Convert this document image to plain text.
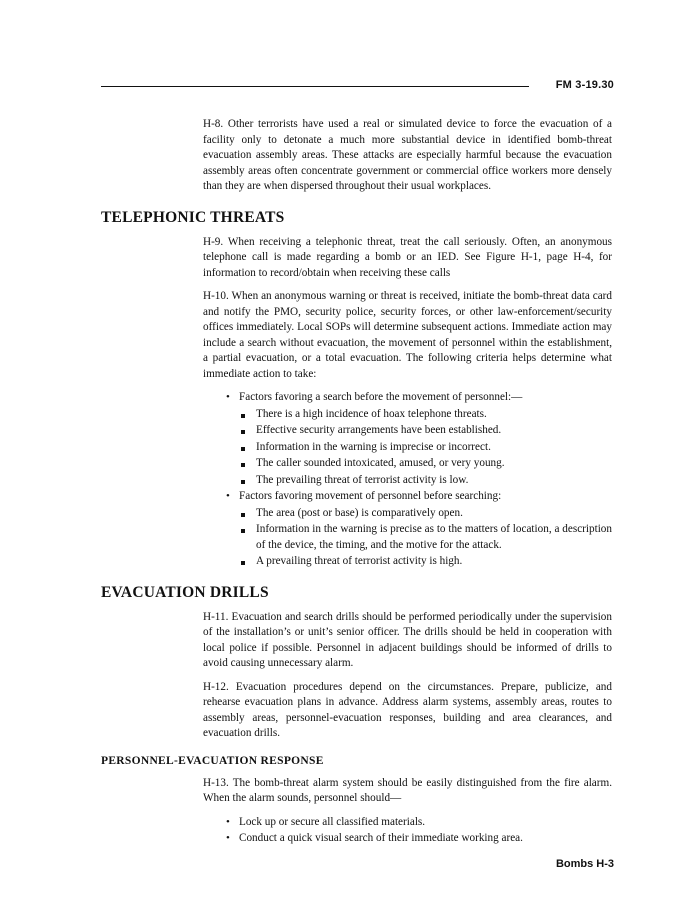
FM 3-19.30

H-8. Other terrorists have used a real or simulated device to force the evacuation of a facility only to detonate a much more substantial device in identified bomb-threat evacuation assembly areas. These attacks are especially harmful because the evacuation assembly areas often concentrate government or commercial office workers more densely than they are when dispersed throughout their usual workplaces.

TELEPHONIC THREATS

H-9. When receiving a telephonic threat, treat the call seriously. Often, an anonymous telephone call is made regarding a bomb or an IED. See Figure H-1, page H-4, for information to record/obtain when receiving these calls

H-10. When an anonymous warning or threat is received, initiate the bomb-threat data card and notify the PMO, security police, security forces, or other law-enforcement/security offices immediately. Local SOPs will determine subsequent actions. Immediate action may include a search without evacuation, the movement of personnel within the establishment, a partial evacuation, or a total evacuation. The following criteria helps determine what immediate action to take:

• Factors favoring a search before the movement of personnel:—
There is a high incidence of hoax telephone threats.
Effective security arrangements have been established.
Information in the warning is imprecise or incorrect.
The caller sounded intoxicated, amused, or very young.
The prevailing threat of terrorist activity is low.
• Factors favoring movement of personnel before searching:
The area (post or base) is comparatively open.
Information in the warning is precise as to the matters of location, a description of the device, the timing, and the motive for the attack.
A prevailing threat of terrorist activity is high.
EVACUATION DRILLS

H-11. Evacuation and search drills should be performed periodically under the supervision of the installation’s or unit’s senior officer. The drills should be held in cooperation with local police if possible. Personnel in adjacent buildings should be informed of drills to avoid causing unnecessary alarm.

H-12. Evacuation procedures depend on the circumstances. Prepare, publicize, and rehearse evacuation plans in advance. Address alarm systems, assembly areas, routes to assembly areas, personnel-evacuation responses, building and area clearances, and evacuation drills.

PERSONNEL-EVACUATION RESPONSE

H-13. The bomb-threat alarm system should be easily distinguished from the fire alarm. When the alarm sounds, personnel should—

• Lock up or secure all classified materials.
• Conduct a quick visual search of their immediate working area.
Bombs H-3
